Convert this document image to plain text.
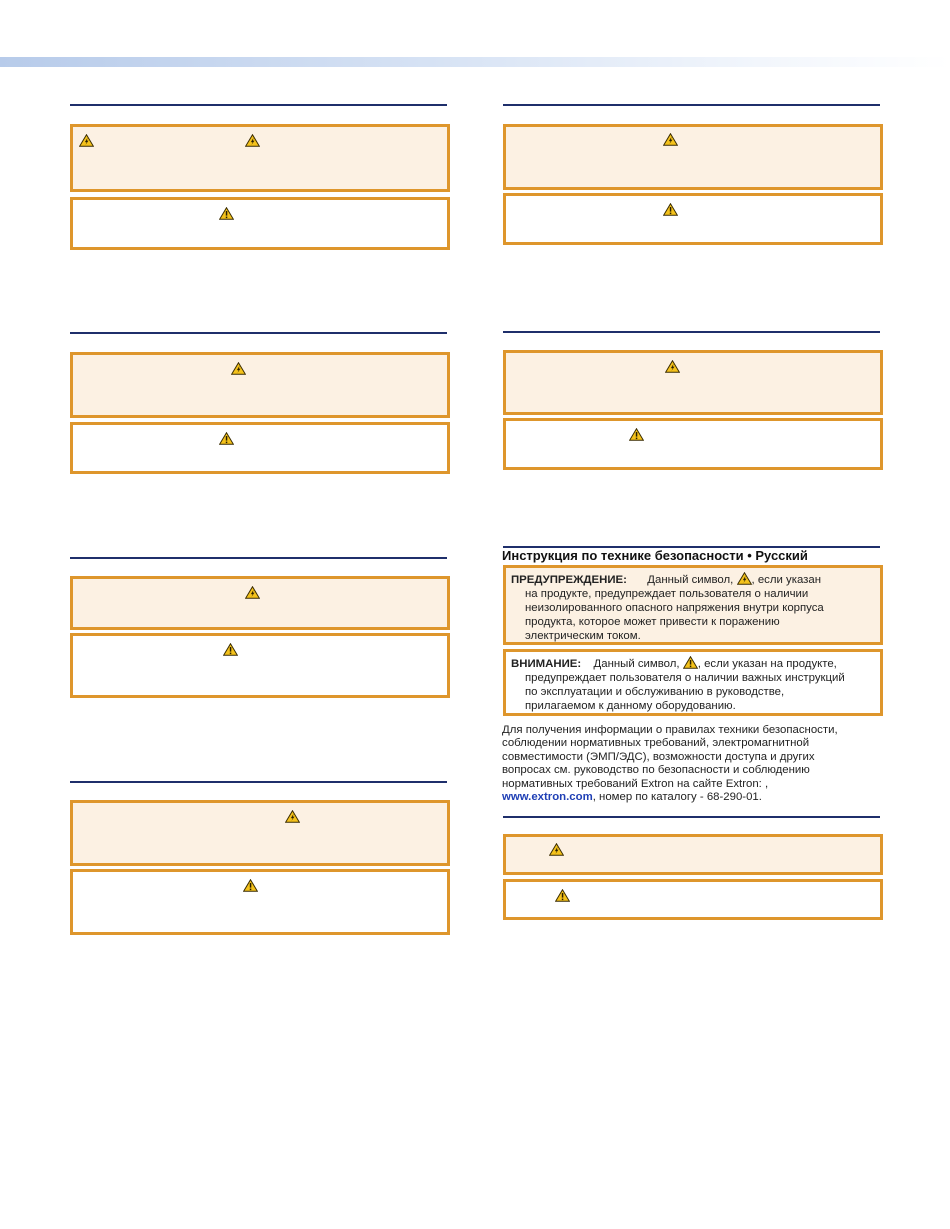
Инструкция по технике безопасности • Русский
ПРЕДУПРЕЖДЕНИЕ: Данный символ, , если указан
на продукте, предупреждает пользователя о наличии
неизолированного опасного напряжения внутри корпуса
продукта, которое может привести к поражению
электрическим током.
ВНИМАНИЕ: Данный символ, , если указан на продукте,
предупреждает пользователя о наличии важных инструкций
по эксплуатации и обслуживанию в руководстве,
прилагаемом к данному оборудованию.
Для получения информации о правилах техники безопасности,
соблюдении нормативных требований, электромагнитной
совместимости (ЭМП/ЭДС), возможности доступа и других
вопросах см. руководство по безопасности и соблюдению
нормативных требований Extron на сайте Extron: ,
www.extron.com, номер по каталогу - 68-290-01.
